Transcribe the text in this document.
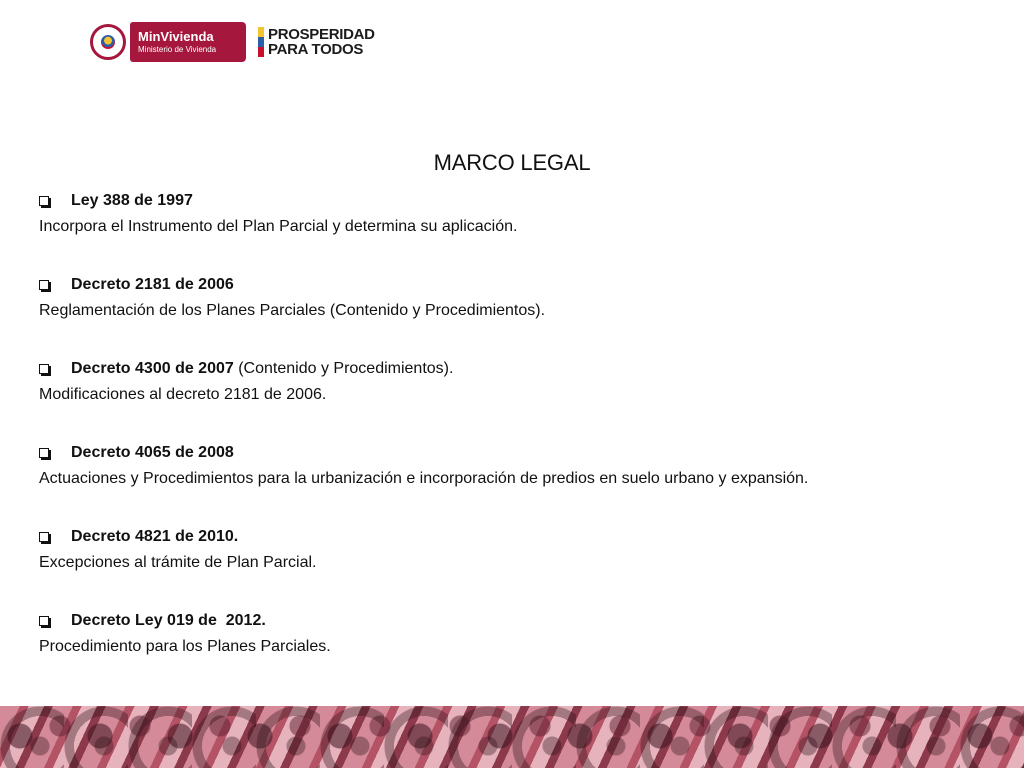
MinVivienda
Ministerio de Vivienda
PROSPERIDAD
PARA TODOS
MARCO LEGAL
Ley 388 de 1997
Incorpora el Instrumento del Plan Parcial y determina su aplicación.
Decreto 2181 de 2006
Reglamentación de los Planes Parciales (Contenido y Procedimientos).
Decreto 4300 de 2007 (Contenido y Procedimientos).
Modificaciones al decreto 2181 de 2006.
Decreto 4065 de 2008
Actuaciones y Procedimientos para la urbanización e incorporación de predios en suelo urbano y expansión.
Decreto 4821 de 2010.
Excepciones al trámite de Plan Parcial.
Decreto Ley 019 de  2012.
Procedimiento para los Planes Parciales.
